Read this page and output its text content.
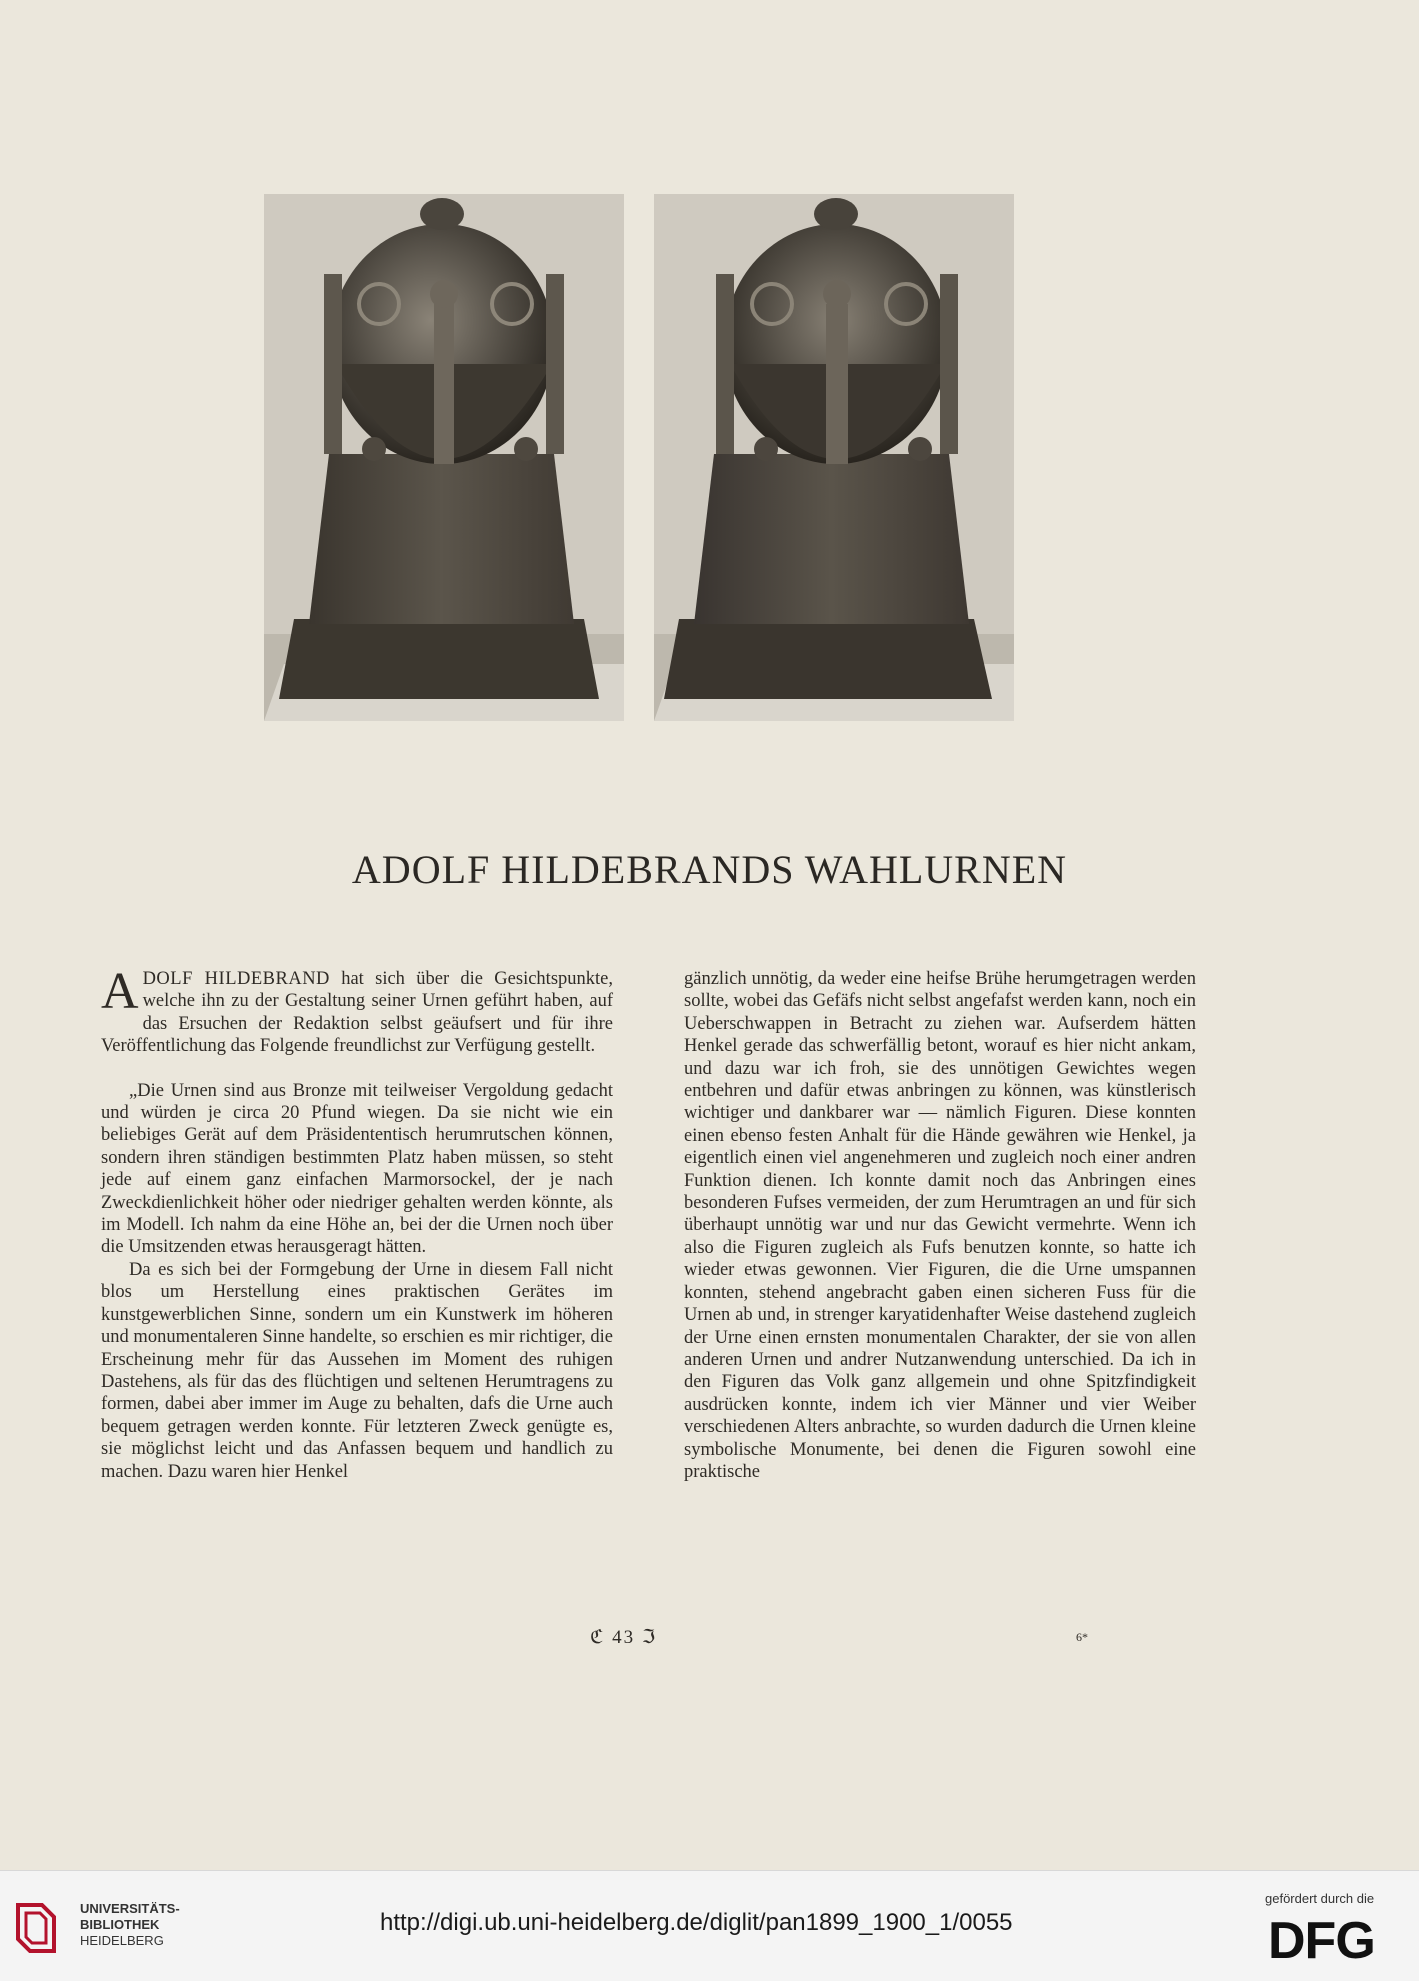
ADOLF HILDEBRANDS WAHLURNEN

ADOLF HILDEBRAND hat sich über die Gesichtspunkte, welche ihn zu der Gestaltung seiner Urnen geführt haben, auf das Ersuchen der Redaktion selbst geäufsert und für ihre Veröffentlichung das Folgende freundlichst zur Verfügung gestellt.

„Die Urnen sind aus Bronze mit teilweiser Vergoldung gedacht und würden je circa 20 Pfund wiegen. Da sie nicht wie ein beliebiges Gerät auf dem Präsidententisch herumrutschen können, sondern ihren ständigen bestimmten Platz haben müssen, so steht jede auf einem ganz einfachen Marmorsockel, der je nach Zweckdienlichkeit höher oder niedriger gehalten werden könnte, als im Modell. Ich nahm da eine Höhe an, bei der die Urnen noch über die Umsitzenden etwas herausgeragt hätten.

Da es sich bei der Formgebung der Urne in diesem Fall nicht blos um Herstellung eines praktischen Gerätes im kunstgewerblichen Sinne, sondern um ein Kunstwerk im höheren und monumentaleren Sinne handelte, so erschien es mir richtiger, die Erscheinung mehr für das Aussehen im Moment des ruhigen Dastehens, als für das des flüchtigen und seltenen Herumtragens zu formen, dabei aber immer im Auge zu behalten, dafs die Urne auch bequem getragen werden konnte. Für letzteren Zweck genügte es, sie möglichst leicht und das Anfassen bequem und handlich zu machen. Dazu waren hier Henkel

gänzlich unnötig, da weder eine heifse Brühe herumgetragen werden sollte, wobei das Gefäfs nicht selbst angefafst werden kann, noch ein Ueberschwappen in Betracht zu ziehen war. Aufserdem hätten Henkel gerade das schwerfällig betont, worauf es hier nicht ankam, und dazu war ich froh, sie des unnötigen Gewichtes wegen entbehren und dafür etwas anbringen zu können, was künstlerisch wichtiger und dankbarer war — nämlich Figuren. Diese konnten einen ebenso festen Anhalt für die Hände gewähren wie Henkel, ja eigentlich einen viel angenehmeren und zugleich noch einer andren Funktion dienen. Ich konnte damit noch das Anbringen eines besonderen Fufses vermeiden, der zum Herumtragen an und für sich überhaupt unnötig war und nur das Gewicht vermehrte. Wenn ich also die Figuren zugleich als Fufs benutzen konnte, so hatte ich wieder etwas gewonnen. Vier Figuren, die die Urne umspannen konnten, stehend angebracht gaben einen sicheren Fuss für die Urnen ab und, in strenger karyatidenhafter Weise dastehend zugleich der Urne einen ernsten monumentalen Charakter, der sie von allen anderen Urnen und andrer Nutzanwendung unterschied. Da ich in den Figuren das Volk ganz allgemein und ohne Spitzfindigkeit ausdrücken konnte, indem ich vier Männer und vier Weiber verschiedenen Alters anbrachte, so wurden dadurch die Urnen kleine symbolische Monumente, bei denen die Figuren sowohl eine praktische

ℭ 43 ℑ	6*
UNIVERSITÄTS-
BIBLIOTHEK
HEIDELBERG
http://digi.ub.uni-heidelberg.de/diglit/pan1899_1900_1/0055
gefördert durch die
DFG
